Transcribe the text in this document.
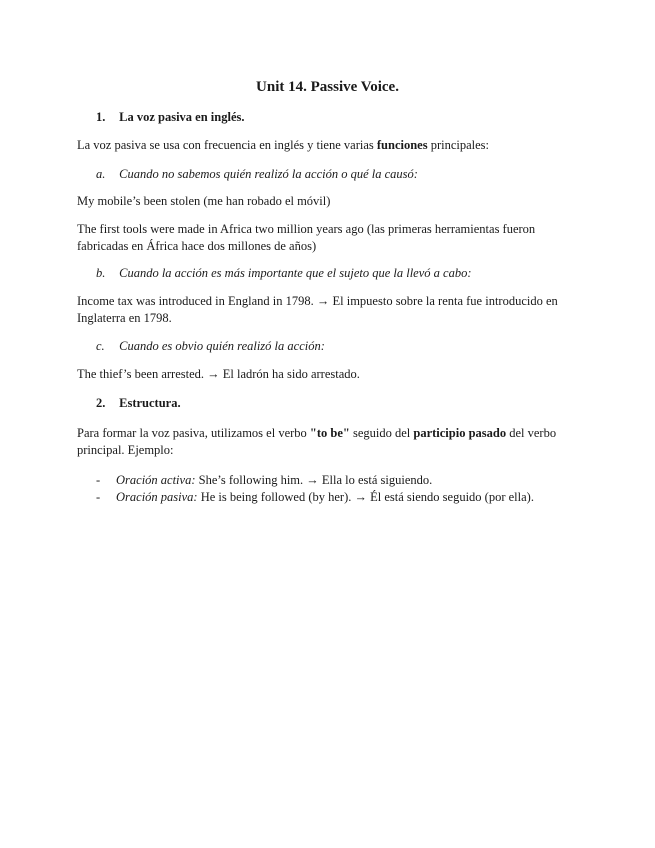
Unit 14. Passive Voice.
1. La voz pasiva en inglés.
La voz pasiva se usa con frecuencia en inglés y tiene varias funciones principales:
a. Cuando no sabemos quién realizó la acción o qué la causó:
My mobile’s been stolen (me han robado el móvil)
The first tools were made in Africa two million years ago (las primeras herramientas fueron fabricadas en África hace dos millones de años)
b. Cuando la acción es más importante que el sujeto que la llevó a cabo:
Income tax was introduced in England in 1798. → El impuesto sobre la renta fue introducido en Inglaterra en 1798.
c. Cuando es obvio quién realizó la acción:
The thief’s been arrested. → El ladrón ha sido arrestado.
2. Estructura.
Para formar la voz pasiva, utilizamos el verbo "to be" seguido del participio pasado del verbo principal. Ejemplo:
- Oración activa: She’s following him. → Ella lo está siguiendo.
- Oración pasiva: He is being followed (by her). → Él está siendo seguido (por ella).
